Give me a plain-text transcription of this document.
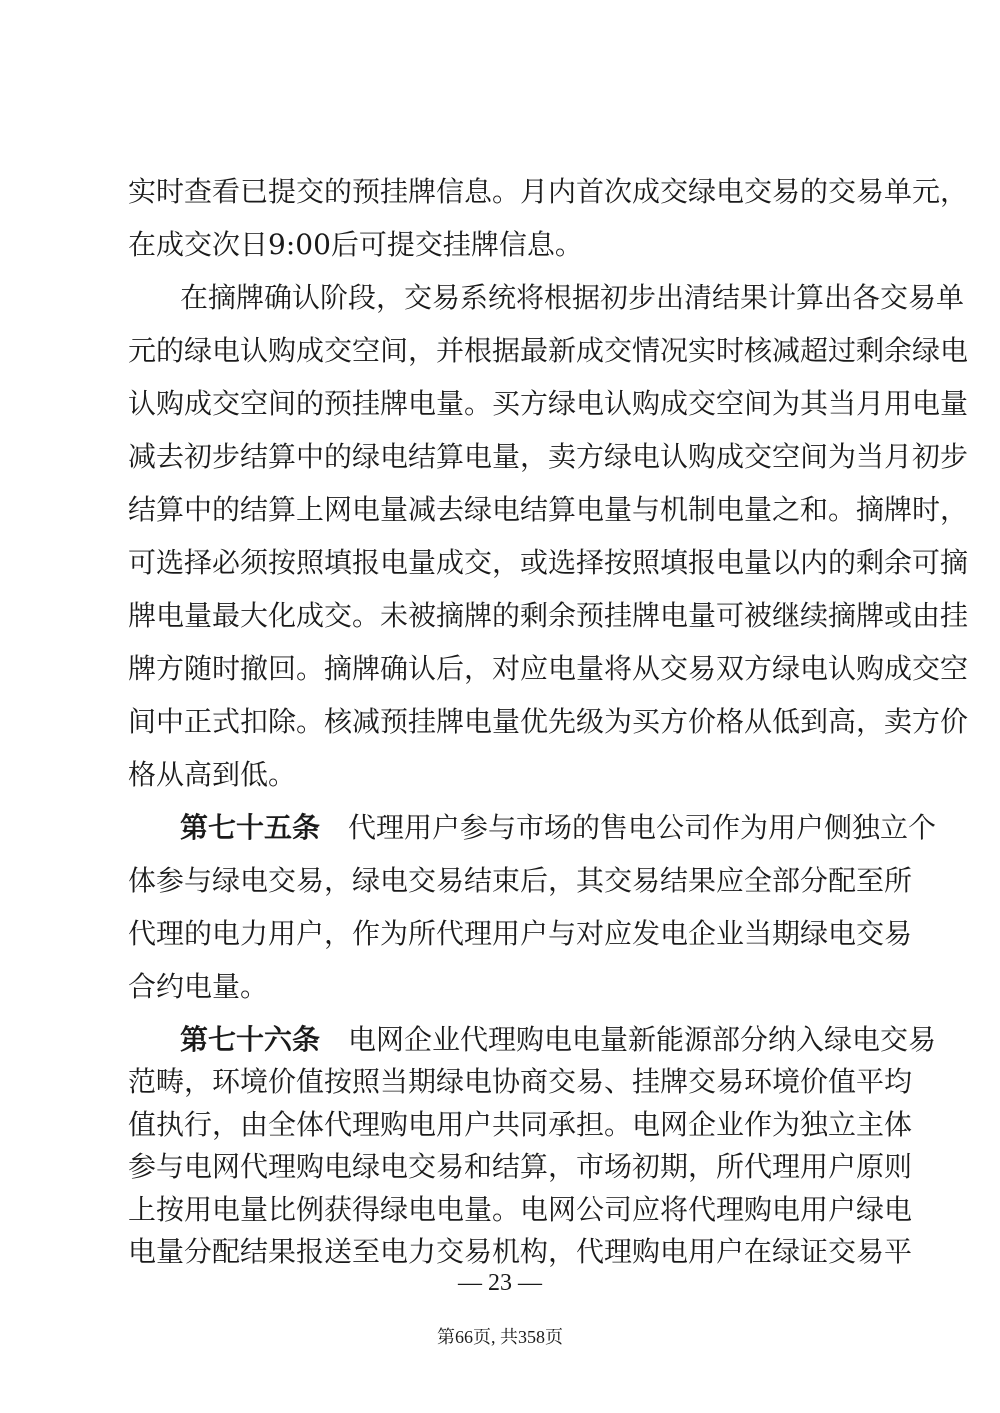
实时查看已提交的预挂牌信息。月内首次成交绿电交易的交易单元，
在成交次日9:00后可提交挂牌信息。
在摘牌确认阶段，交易系统将根据初步出清结果计算出各交易单
元的绿电认购成交空间，并根据最新成交情况实时核减超过剩余绿电
认购成交空间的预挂牌电量。买方绿电认购成交空间为其当月用电量
减去初步结算中的绿电结算电量，卖方绿电认购成交空间为当月初步
结算中的结算上网电量减去绿电结算电量与机制电量之和。摘牌时，
可选择必须按照填报电量成交，或选择按照填报电量以内的剩余可摘
牌电量最大化成交。未被摘牌的剩余预挂牌电量可被继续摘牌或由挂
牌方随时撤回。摘牌确认后，对应电量将从交易双方绿电认购成交空
间中正式扣除。核减预挂牌电量优先级为买方价格从低到高，卖方价
格从高到低。
第七十五条  代理用户参与市场的售电公司作为用户侧独立个
体参与绿电交易，绿电交易结束后，其交易结果应全部分配至所
代理的电力用户，作为所代理用户与对应发电企业当期绿电交易
合约电量。
第七十六条  电网企业代理购电电量新能源部分纳入绿电交易
范畴，环境价值按照当期绿电协商交易、挂牌交易环境价值平均
值执行，由全体代理购电用户共同承担。电网企业作为独立主体
参与电网代理购电绿电交易和结算，市场初期，所代理用户原则
上按用电量比例获得绿电电量。电网公司应将代理购电用户绿电
电量分配结果报送至电力交易机构，代理购电用户在绿证交易平
— 23 —
第66页, 共358页
